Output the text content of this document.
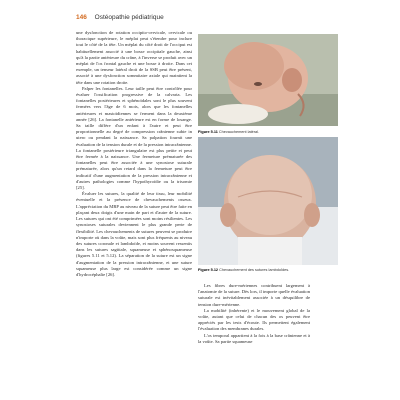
146 Ostéopathie pédiatrique

une dysfonction de rotation occipito-cervicale, cervicale ou thoracique supérieure, le méplat peut s'étendre pour inclure tout le côté de la tête. Un méplat du côté droit de l'occiput est habituellement associé à une bosse occipitale gauche, ainsi qu'à la partie antérieure du crâne, à l'inverse se produit avec un méplat de l'os frontal gauche et une bosse à droite. Dans cet exemple, un tenseur latéral droit de la SSB peut être présent, associé à une dysfonction sommitaire axiale qui maintient la tête dans une rotation droite.

Palper les fontanelles. Leur taille peut être contrôlée pour évaluer l'ossification progressive de la calvaria. Les fontanelles postérieures et sphénoïdales sont le plus souvent fermées vers l'âge de 6 mois, alors que les fontanelles antérieures et mastoïdiennes se ferment dans la deuxième année [26]. La fontanelle antérieure est en forme de losange. Sa taille diffère d'un enfant à l'autre et peut être proportionnelle au degré de compression crânienne subie in utero ou pendant la naissance. Sa palpation fournit une évaluation de la tension durale et de la pression intracrânienne. La fontanelle postérieure triangulaire est plus petite et peut être fermée à la naissance. Une fermeture prématurée des fontanelles peut être associée à une synostose suturale prématurée, alors qu'un retard dans la fermeture peut être indicatif d'une augmentation de la pression intracrânienne et d'autres pathologies comme l'hypothyroïdie ou la trisomie [25].

Évaluer les sutures, la qualité de leur tissu, leur mobilité éventuelle et la présence de chevauchements osseux. L'appréciation du MRP au niveau de la suture peut être faite en plaçant deux doigts d'une main de part et d'autre de la suture. Les sutures qui ont été comprimées sont moins résilientes. Les synostoses suturales deviennent le plus grande perte de flexibilité. Les chevauchements de sutures peuvent se produire n'importe où dans la voûte, mais sont plus fréquents au niveau des sutures coronale et lambdoïde, et moins souvent ressentis dans les sutures sagittale, squameuse et sphénosquameuse (figures 5.11 et 5.12). La séparation de la suture est un signe d'augmentation de la pression intracrânienne, et une suture squameuse plus large est considérée comme un signe d'hydrocéphalie [26].

Figure 5.11 Chevauchement latéral.
Figure 5.12 Chevauchement des sutures lambdoïdes.

Les fibres dure-mériennes contribuent largement à l'anatomie de la suture. Dès lors, il importe quelle évaluation suturale est inévitablement associée à un désquilibre de tension dure-mérienne.

La mobilité (inhérente) et le mouvement global de la voûte, autant que celui de chacun des os peuvent être appréciés par les tests d'écoute. Ils permettent également l'évaluation des membranes durales.

L'os temporal appartient à la fois à la base crânienne et à la voûte. Sa partie squameuse
